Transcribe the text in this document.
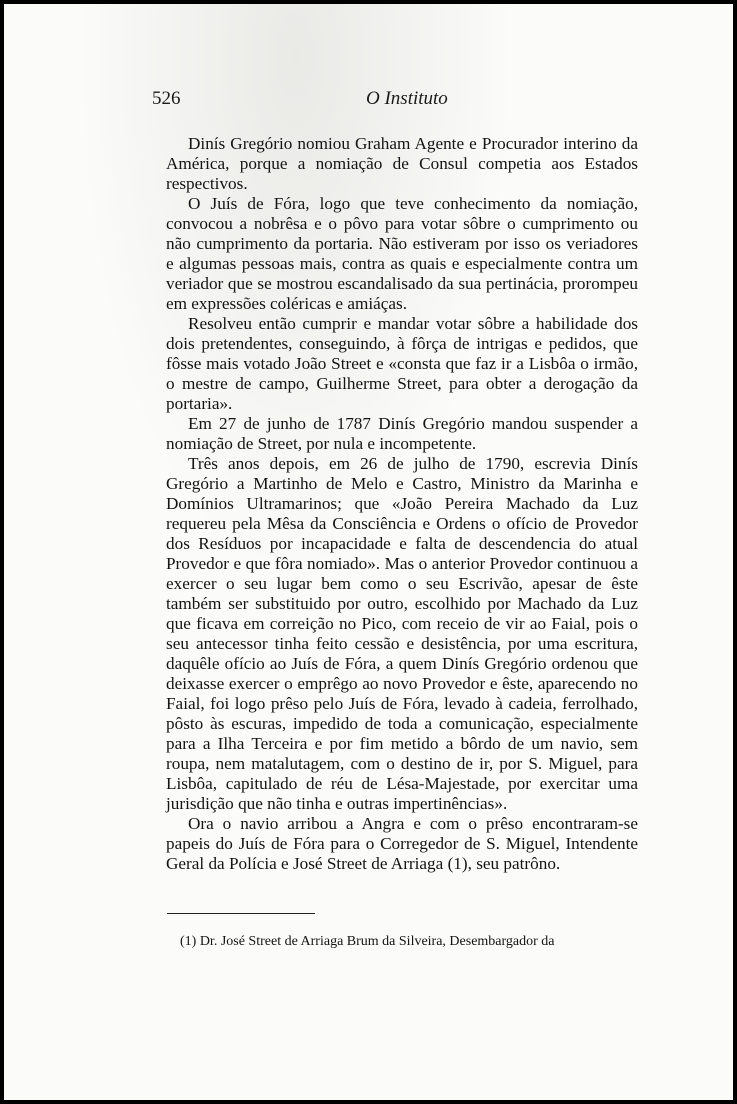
526	O Instituto

Dinís Gregório nomiou Graham Agente e Procurador interino da América, porque a nomiação de Consul competia aos Estados respectivos.

O Juís de Fóra, logo que teve conhecimento da nomiação, convocou a nobrêsa e o pôvo para votar sôbre o cumprimento ou não cumprimento da portaria. Não estiveram por isso os veriadores e algumas pessoas mais, contra as quais e especialmente contra um veriador que se mostrou escandalisado da sua pertinácia, prorompeu em expressões coléricas e amiáças.

Resolveu então cumprir e mandar votar sôbre a habilidade dos dois pretendentes, conseguindo, à fôrça de intrigas e pedidos, que fôsse mais votado João Street e «consta que faz ir a Lisbôa o irmão, o mestre de campo, Guilherme Street, para obter a derogação da portaria».

Em 27 de junho de 1787 Dinís Gregório mandou suspender a nomiação de Street, por nula e incompetente.

Três anos depois, em 26 de julho de 1790, escrevia Dinís Gregório a Martinho de Melo e Castro, Ministro da Marinha e Domínios Ultramarinos; que «João Pereira Machado da Luz requereu pela Mêsa da Consciência e Ordens o ofício de Provedor dos Resíduos por incapacidade e falta de descendencia do atual Provedor e que fôra nomiado». Mas o anterior Provedor continuou a exercer o seu lugar bem como o seu Escrivão, apesar de êste também ser substituido por outro, escolhido por Machado da Luz que ficava em correição no Pico, com receio de vir ao Faial, pois o seu antecessor tinha feito cessão e desistência, por uma escritura, daquêle ofício ao Juís de Fóra, a quem Dinís Gregório ordenou que deixasse exercer o emprêgo ao novo Provedor e êste, aparecendo no Faial, foi logo prêso pelo Juís de Fóra, levado à cadeia, ferrolhado, pôsto às escuras, impedido de toda a comunicação, especialmente para a Ilha Terceira e por fim metido a bôrdo de um navio, sem roupa, nem matalutagem, com o destino de ir, por S. Miguel, para Lisbôa, capitulado de réu de Lésa-Majestade, por exercitar uma jurisdição que não tinha e outras impertinências».

Ora o navio arribou a Angra e com o prêso encontraram-se papeis do Juís de Fóra para o Corregedor de S. Miguel, Intendente Geral da Polícia e José Street de Arriaga (1), seu patrôno.

(1) Dr. José Street de Arriaga Brum da Silveira, Desembargador da
